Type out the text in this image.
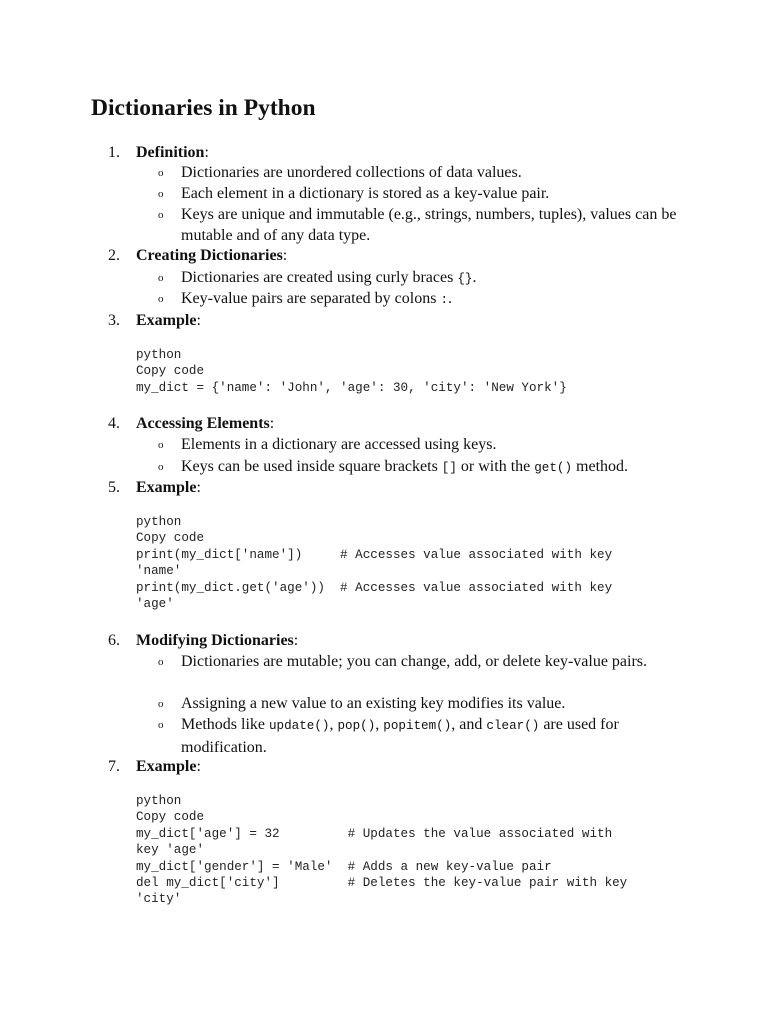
Dictionaries in Python
1.	Definition:
o Dictionaries are unordered collections of data values.
o Each element in a dictionary is stored as a key-value pair.
o Keys are unique and immutable (e.g., strings, numbers, tuples), values can be mutable and of any data type.
2.	Creating Dictionaries:
o Dictionaries are created using curly braces {}.
o Key-value pairs are separated by colons :.
3.	Example:
python
Copy code
my_dict = {'name': 'John', 'age': 30, 'city': 'New York'}
4.	Accessing Elements:
o Elements in a dictionary are accessed using keys.
o Keys can be used inside square brackets [] or with the get() method.
5.	Example:
python
Copy code
print(my_dict['name'])     # Accesses value associated with key
'name'
print(my_dict.get('age'))  # Accesses value associated with key
'age'
6.	Modifying Dictionaries:
o Dictionaries are mutable; you can change, add, or delete key-value pairs.
o Assigning a new value to an existing key modifies its value.
o Methods like update(), pop(), popitem(), and clear() are used for modification.
7.	Example:
python
Copy code
my_dict['age'] = 32         # Updates the value associated with
key 'age'
my_dict['gender'] = 'Male'  # Adds a new key-value pair
del my_dict['city']         # Deletes the key-value pair with key
'city'
